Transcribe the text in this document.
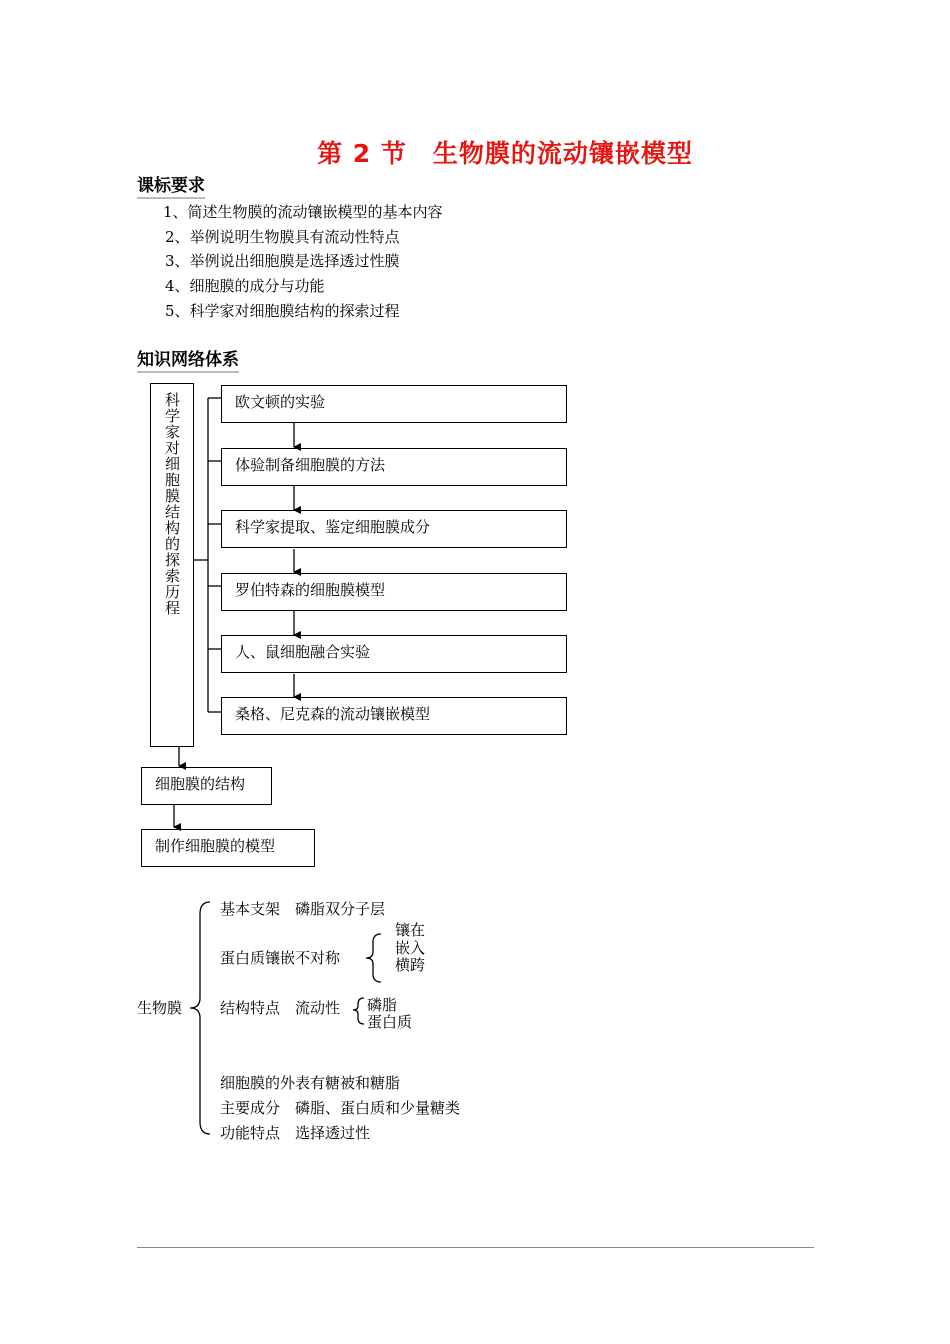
第 2 节　生物膜的流动镶嵌模型
课标要求
1、简述生物膜的流动镶嵌模型的基本内容
2、举例说明生物膜具有流动性特点
3、举例说出细胞膜是选择透过性膜
4、细胞膜的成分与功能
5、科学家对细胞膜结构的探索过程
知识网络体系
科学家对细胞膜结构的探索历程	欧文顿的实验
体验制备细胞膜的方法
科学家提取、鉴定细胞膜成分
罗伯特森的细胞膜模型
人、鼠细胞融合实验
桑格、尼克森的流动镶嵌模型
细胞膜的结构
制作细胞膜的模型
生物膜
基本支架　磷脂双分子层
蛋白质镶嵌不对称
镶在
嵌入
横跨
结构特点　流动性 磷脂
蛋白质
细胞膜的外表有糖被和糖脂
主要成分　磷脂、蛋白质和少量糖类
功能特点　选择透过性
